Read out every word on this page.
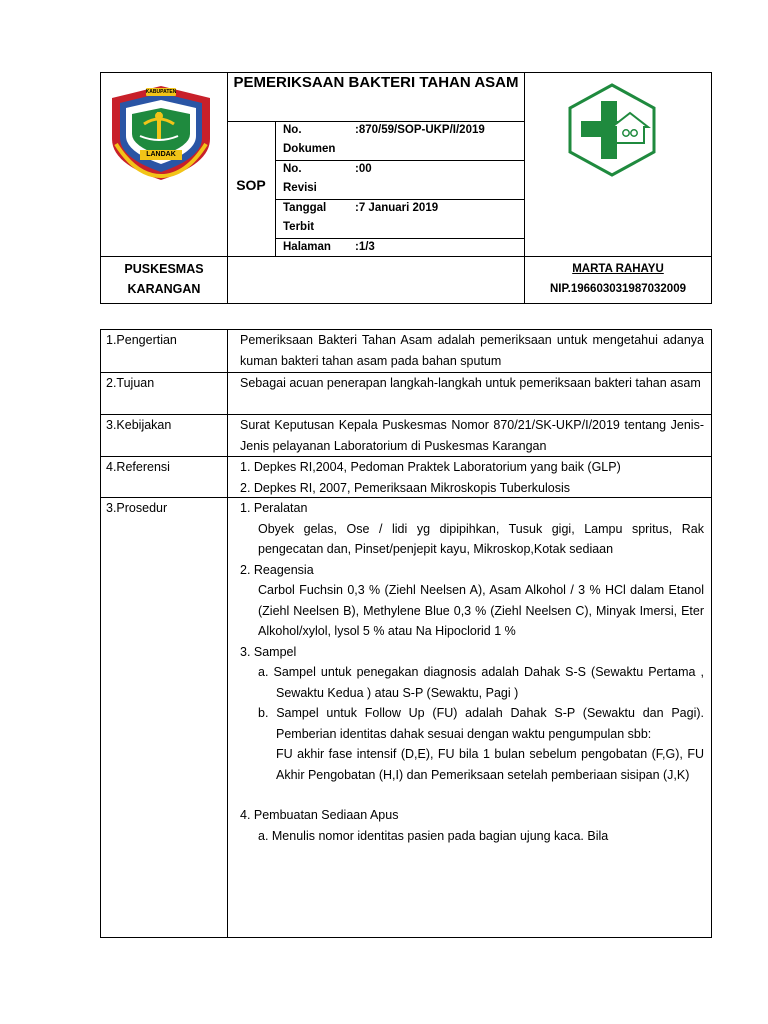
KABUPATEN
LANDAK
PEMERIKSAAN BAKTERI TAHAN ASAM
SOP
No. Dokumen
:870/59/SOP-UKP/I/2019
No. Revisi
:00
Tanggal Terbit
:7 Januari 2019
Halaman	:1/3
PUSKESMAS KARANGAN
MARTA RAHAYU
NIP.196603031987032009
1.Pengertian	Pemeriksaan Bakteri Tahan Asam adalah pemeriksaan untuk mengetahui adanya kuman bakteri tahan asam pada bahan sputum
2.Tujuan	Sebagai acuan penerapan langkah-langkah untuk pemeriksaan bakteri tahan asam
3.Kebijakan	Surat Keputusan Kepala Puskesmas Nomor 870/21/SK-UKP/I/2019 tentang Jenis-Jenis pelayanan Laboratorium di Puskesmas Karangan
4.Referensi	1. Depkes RI,2004, Pedoman Praktek Laboratorium yang baik (GLP)

2. Depkes RI, 2007, Pemeriksaan Mikroskopis Tuberkulosis

3.Prosedur	1. Peralatan

Obyek gelas, Ose / lidi yg dipipihkan, Tusuk gigi, Lampu spritus, Rak pengecatan dan, Pinset/penjepit kayu, Mikroskop,Kotak sediaan

2. Reagensia

Carbol Fuchsin 0,3 % (Ziehl Neelsen A), Asam Alkohol / 3 % HCl dalam Etanol (Ziehl Neelsen B), Methylene Blue 0,3 % (Ziehl Neelsen C), Minyak Imersi, Eter Alkohol/xylol, lysol 5 % atau Na Hipoclorid 1 %

3. Sampel

a. Sampel untuk penegakan diagnosis adalah Dahak S-S (Sewaktu Pertama , Sewaktu Kedua ) atau S-P (Sewaktu, Pagi )

b. Sampel untuk Follow Up (FU) adalah Dahak S-P (Sewaktu dan Pagi). Pemberian identitas dahak sesuai dengan waktu pengumpulan sbb:

FU akhir fase intensif (D,E), FU bila 1 bulan sebelum pengobatan (F,G), FU Akhir Pengobatan (H,I) dan Pemeriksaan setelah pemberiaan sisipan (J,K)

4. Pembuatan Sediaan Apus

a. Menulis nomor identitas pasien pada bagian ujung kaca. Bila
